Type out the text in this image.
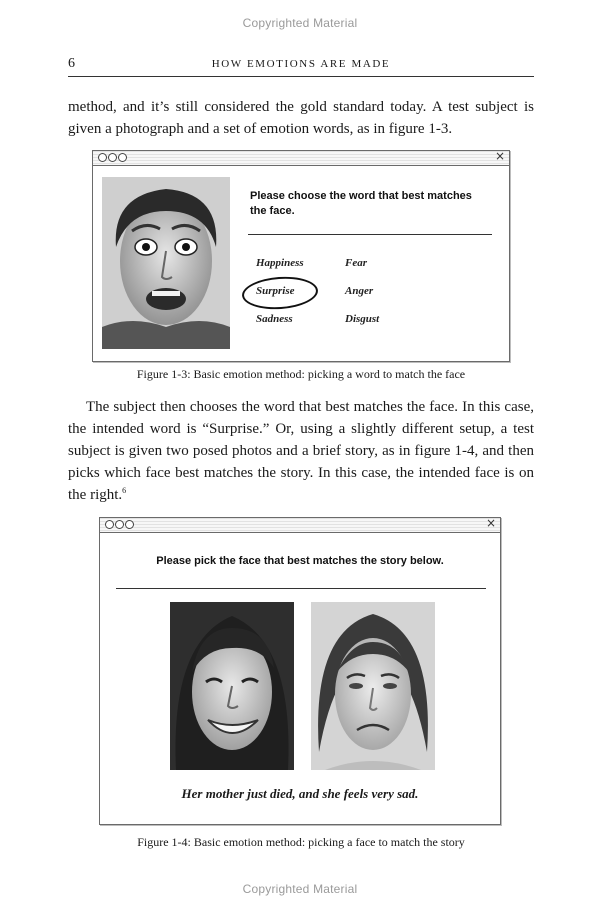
Copyrighted Material
6	HOW EMOTIONS ARE MADE

method, and it’s still considered the gold standard today. A test subject is given a photograph and a set of emotion words, as in figure 1-3.

×
Please choose the word that best matches the face.
Happiness
Surprise
Sadness
Fear
Anger
Disgust
Figure 1-3: Basic emotion method: picking a word to match the face

The subject then chooses the word that best matches the face. In this case, the intended word is “Surprise.” Or, using a slightly different setup, a test subject is given two posed photos and a brief story, as in figure 1-4, and then picks which face best matches the story. In this case, the intended face is on the right.$^6$

×
Please pick the face that best matches the story below.
Her mother just died, and she feels very sad.
Figure 1-4: Basic emotion method: picking a face to match the story
Copyrighted Material
